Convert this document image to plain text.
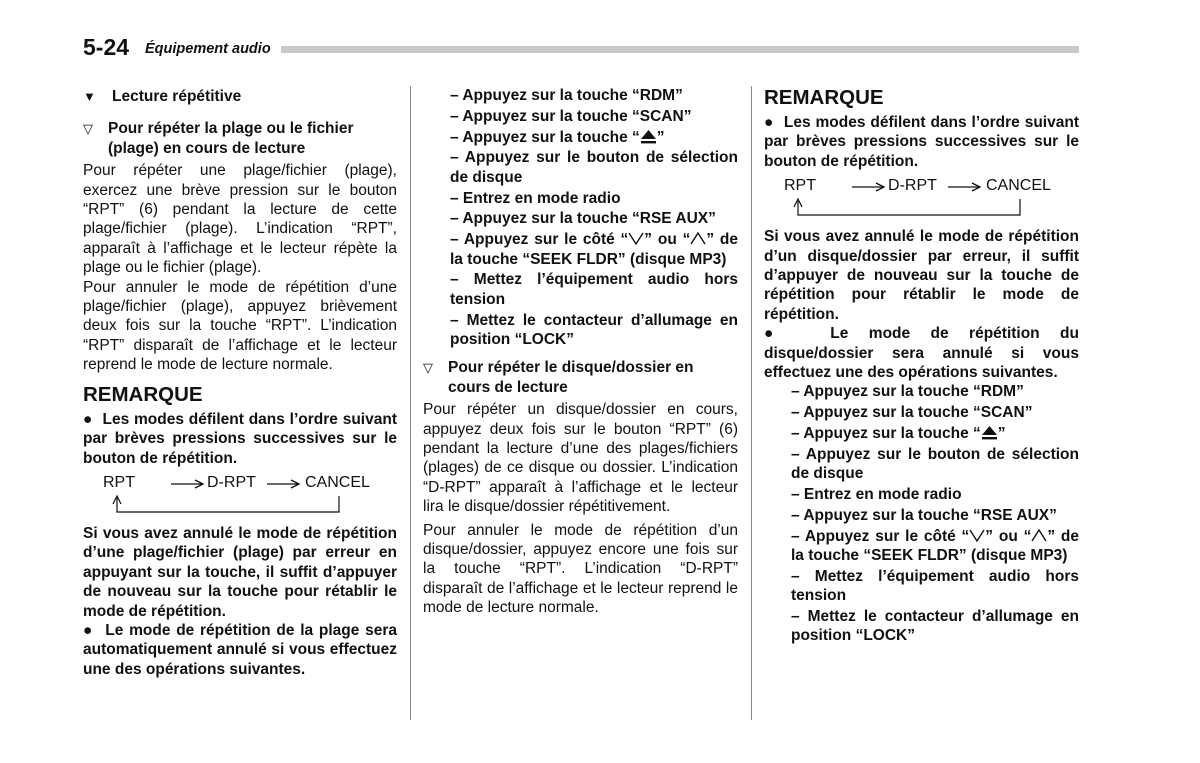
5-24 Équipement audio

▼ Lecture répétitive

▽ Pour répéter la plage ou le fichier (plage) en cours de lecture

Pour répéter une plage/fichier (plage), exercez une brève pression sur le bouton “RPT” (6) pendant la lecture de cette plage/fichier (plage). L’indication “RPT”, apparaît à l’affichage et le lecteur répète la plage ou le fichier (plage).

Pour annuler le mode de répétition d’une plage/fichier (plage), appuyez brièvement deux fois sur la touche “RPT”. L’indication “RPT” disparaît de l’affichage et le lecteur reprend le mode de lecture normale.

REMARQUE

●  Les modes défilent dans l’ordre suivant par brèves pressions successives sur le bouton de répétition.

RPT	D-RPT	CANCEL

Si vous avez annulé le mode de répétition d’une plage/fichier (plage) par erreur en appuyant sur la touche, il suffit d’appuyer de nouveau sur la touche pour rétablir le mode de répétition.

●  Le mode de répétition de la plage sera automatiquement annulé si vous effectuez une des opérations suivantes.

– Appuyez sur la touche “RDM”

– Appuyez sur la touche “SCAN”

– Appuyez sur la touche “ ”

– Appuyez sur le bouton de sélection de disque

– Entrez en mode radio

– Appuyez sur la touche “RSE AUX”

– Appuyez sur le côté “ ” ou “ ” de la touche “SEEK FLDR” (disque MP3)

– Mettez l’équipement audio hors tension

– Mettez le contacteur d’allumage en position “LOCK”

▽ Pour répéter le disque/dossier en cours de lecture

Pour répéter un disque/dossier en cours, appuyez deux fois sur le bouton “RPT” (6) pendant la lecture d’une des plages/fichiers (plages) de ce disque ou dossier. L’indication “D-RPT” apparaît à l’affichage et le lecteur lira le disque/dossier répétitivement.

Pour annuler le mode de répétition d’un disque/dossier, appuyez encore une fois sur la touche “RPT”. L’indication “D-RPT” disparaît de l’affichage et le lecteur reprend le mode de lecture normale.

REMARQUE

●  Les modes défilent dans l’ordre suivant par brèves pressions successives sur le bouton de répétition.

RPT	D-RPT	CANCEL

Si vous avez annulé le mode de répétition d’un disque/dossier par erreur, il suffit d’appuyer de nouveau sur la touche de répétition pour rétablir le mode de répétition.

●  Le mode de répétition du disque/dossier sera annulé si vous effectuez une des opérations suivantes.

– Appuyez sur la touche “RDM”

– Appuyez sur la touche “SCAN”

– Appuyez sur la touche “ ”

– Appuyez sur le bouton de sélection de disque

– Entrez en mode radio

– Appuyez sur la touche “RSE AUX”

– Appuyez sur le côté “ ” ou “ ” de la touche “SEEK FLDR” (disque MP3)

– Mettez l’équipement audio hors tension

– Mettez le contacteur d’allumage en position “LOCK”
